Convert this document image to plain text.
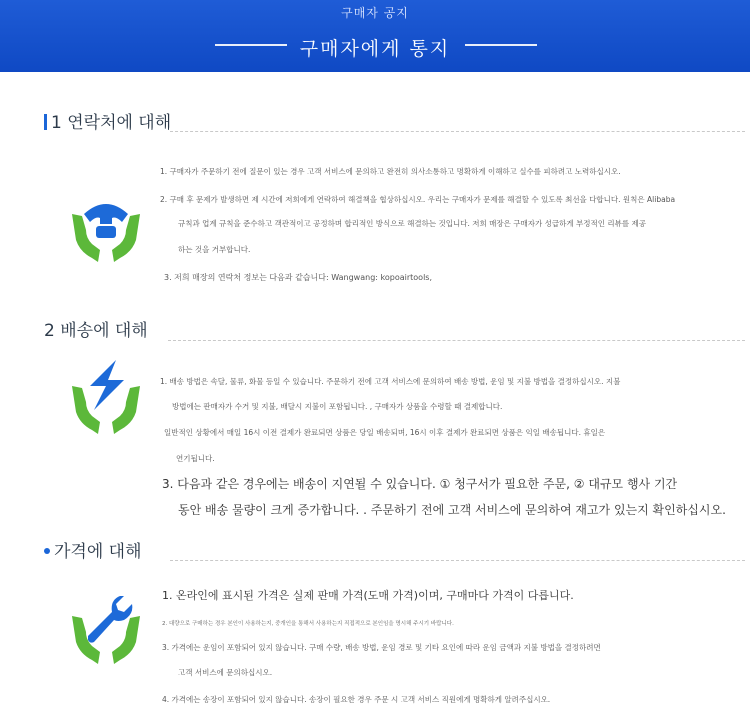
구매자 공지
구매자에게 통지
1 연락처에 대해
1. 구매자가 주문하기 전에 질문이 있는 경우 고객 서비스에 문의하고 완전히 의사소통하고 명확하게 이해하고 실수를 피하려고 노력하십시오.
2. 구매 후 문제가 발생하면 제 시간에 저희에게 연락하여 해결책을 협상하십시오. 우리는 구매자가 문제를 해결할 수 있도록 최선을 다합니다. 원칙은 Alibaba
규칙과 업계 규칙을 준수하고 객관적이고 공정하며 합리적인 방식으로 해결하는 것입니다. 저희 매장은 구매자가 성급하게 부정적인 리뷰를 제공
하는 것을 거부합니다.
3. 저희 매장의 연락처 정보는 다음과 같습니다: Wangwang: kopoairtools,
2 배송에 대해
1. 배송 방법은 속달, 물류, 화물 등일 수 있습니다. 주문하기 전에 고객 서비스에 문의하여 배송 방법, 운임 및 지불 방법을 결정하십시오. 지불
방법에는 판매자가 수거 및 지불, 배달시 지불이 포함됩니다. , 구매자가 상품을 수령할 때 결제합니다.
일반적인 상황에서 매일 16시 이전 결제가 완료되면 상품은 당일 배송되며, 16시 이후 결제가 완료되면 상품은 익일 배송됩니다. 휴일은
연기됩니다.
3. 다음과 같은 경우에는 배송이 지연될 수 있습니다. ① 청구서가 필요한 주문, ② 대규모 행사 기간
동안 배송 물량이 크게 증가합니다. . 주문하기 전에 고객 서비스에 문의하여 재고가 있는지 확인하십시오.
가격에 대해
1. 온라인에 표시된 가격은 실제 판매 가격(도매 가격)이며, 구매마다 가격이 다릅니다.
2. 대량으로 구매하는 경우 본인이 사용하는지, 중개인을 통해서 사용하는지 직접적으로 본인임을 명시해 주시기 바랍니다.
3. 가격에는 운임이 포함되어 있지 않습니다. 구매 수량, 배송 방법, 운임 경로 및 기타 요인에 따라 운임 금액과 지불 방법을 결정하려면
고객 서비스에 문의하십시오.
4. 가격에는 송장이 포함되어 있지 않습니다. 송장이 필요한 경우 주문 시 고객 서비스 직원에게 명확하게 알려주십시오.
